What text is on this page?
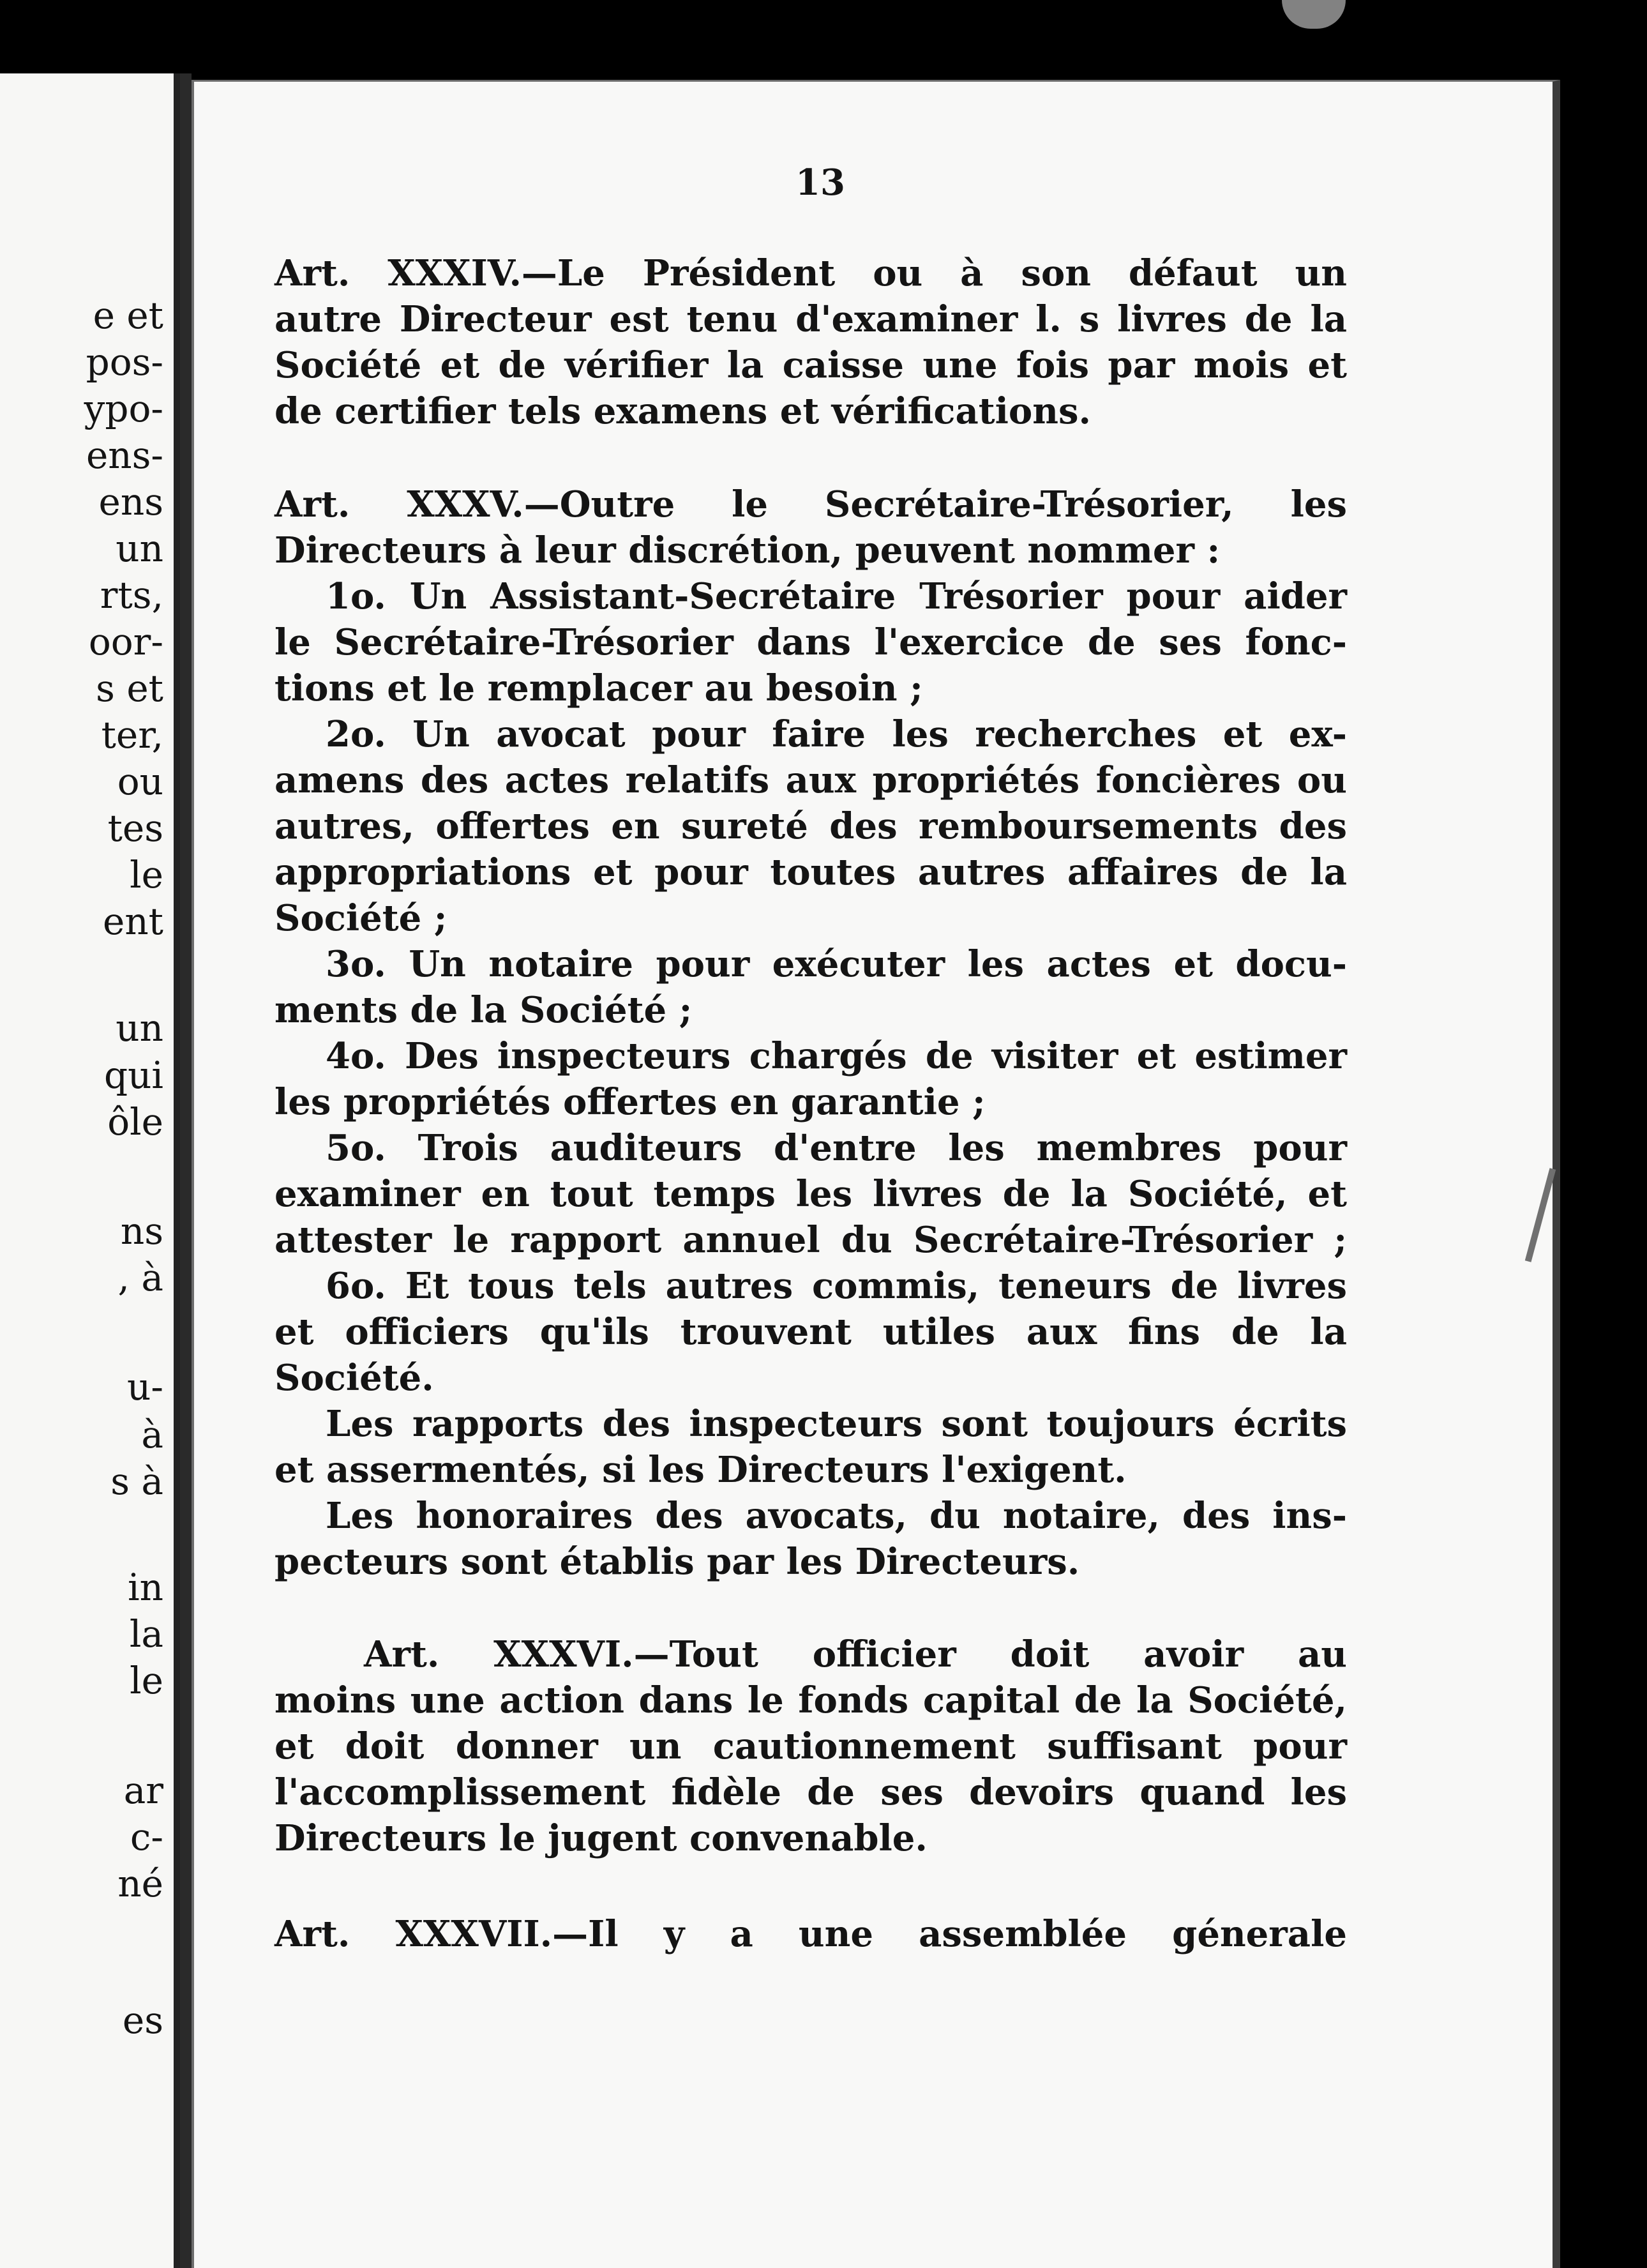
e et
pos-
ypo-
ens-
ens
un
rts,
oor-
s et
ter,
ou
tes
le
ent
un
qui
ôle
ns
, à
u-
à
s à
in
la
le
ar
c-
né
es
13
Art. XXXIV.—Le Président ou à son défaut un
autre Directeur est tenu d'examiner l. s livres de la
Société et de vérifier la caisse une fois par mois et
de certifier tels examens et vérifications.
Art. XXXV.—Outre le Secrétaire-Trésorier, les
Directeurs à leur discrétion, peuvent nommer :
1o. Un Assistant-Secrétaire Trésorier pour aider
le Secrétaire-Trésorier dans l'exercice de ses fonc-
tions et le remplacer au besoin ;
2o. Un avocat pour faire les recherches et ex-
amens des actes relatifs aux propriétés foncières ou
autres, offertes en sureté des remboursements des
appropriations et pour toutes autres affaires de la
Société ;
3o. Un notaire pour exécuter les actes et docu-
ments de la Société ;
4o. Des inspecteurs chargés de visiter et estimer
les propriétés offertes en garantie ;
5o. Trois auditeurs d'entre les membres pour
examiner en tout temps les livres de la Société, et
attester le rapport annuel du Secrétaire-Trésorier ;
6o. Et tous tels autres commis, teneurs de livres
et officiers qu'ils trouvent utiles aux fins de la
Société.
Les rapports des inspecteurs sont toujours écrits
et assermentés, si les Directeurs l'exigent.
Les honoraires des avocats, du notaire, des ins-
pecteurs sont établis par les Directeurs.
Art. XXXVI.—Tout officier doit avoir au
moins une action dans le fonds capital de la Société,
et doit donner un cautionnement suffisant pour
l'accomplissement fidèle de ses devoirs quand les
Directeurs le jugent convenable.
Art. XXXVII.—Il y a une assemblée génerale
